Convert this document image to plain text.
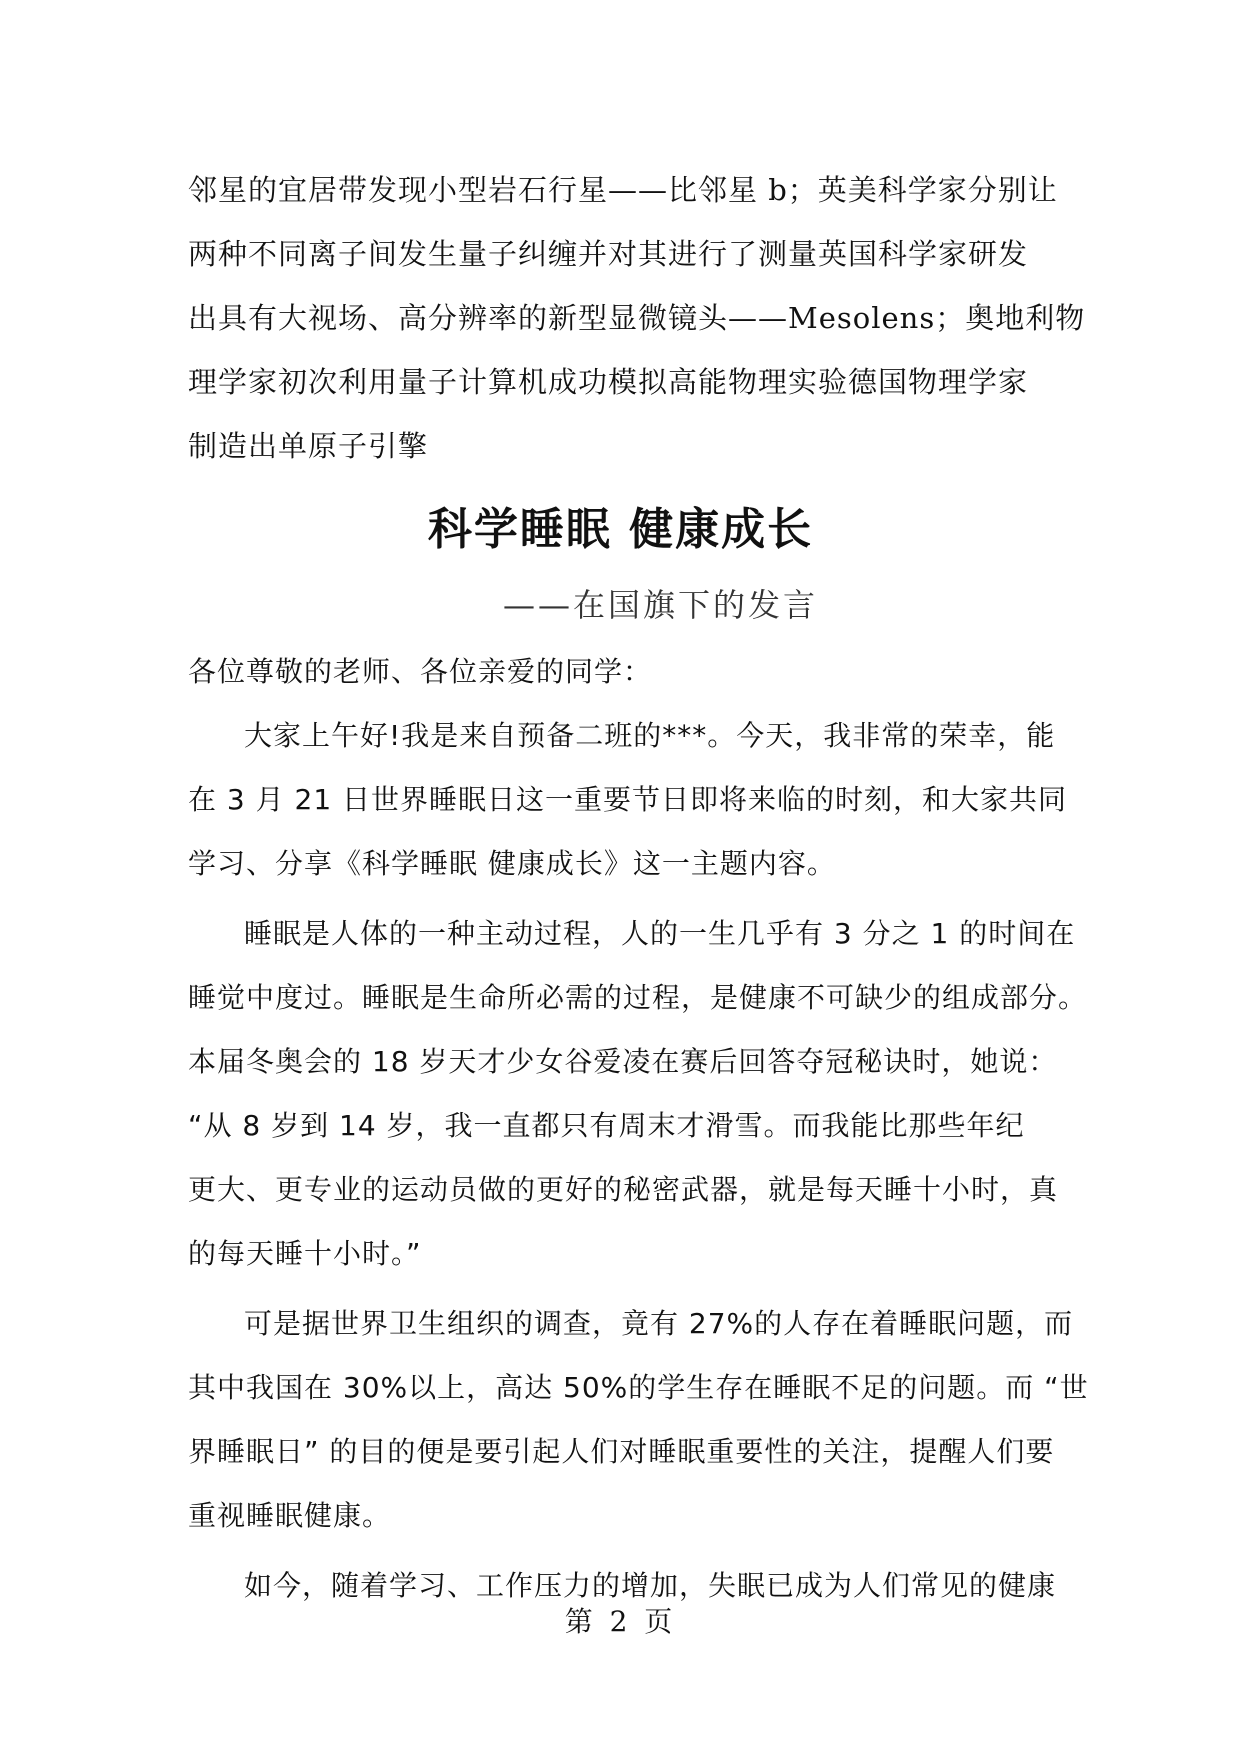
邻星的宜居带发现小型岩石行星——比邻星 b；英美科学家分别让
两种不同离子间发生量子纠缠并对其进行了测量英国科学家研发
出具有大视场、高分辨率的新型显微镜头——Mesolens；奥地利物
理学家初次利用量子计算机成功模拟高能物理实验德国物理学家
制造出单原子引擎
科学睡眠 健康成长
——在国旗下的发言
各位尊敬的老师、各位亲爱的同学：
大家上午好!我是来自预备二班的***。今天，我非常的荣幸，能
在 3 月 21 日世界睡眠日这一重要节日即将来临的时刻，和大家共同
学习、分享《科学睡眠 健康成长》这一主题内容。
睡眠是人体的一种主动过程，人的一生几乎有 3 分之 1 的时间在
睡觉中度过。睡眠是生命所必需的过程，是健康不可缺少的组成部分。
本届冬奥会的 18 岁天才少女谷爱凌在赛后回答夺冠秘诀时，她说：
“从 8 岁到 14 岁，我一直都只有周末才滑雪。而我能比那些年纪
更大、更专业的运动员做的更好的秘密武器，就是每天睡十小时，真
的每天睡十小时。”
可是据世界卫生组织的调查，竟有 27%的人存在着睡眠问题，而
其中我国在 30%以上，高达 50%的学生存在睡眠不足的问题。而 “世
界睡眠日” 的目的便是要引起人们对睡眠重要性的关注，提醒人们要
重视睡眠健康。
如今，随着学习、工作压力的增加，失眠已成为人们常见的健康
第 2 页
